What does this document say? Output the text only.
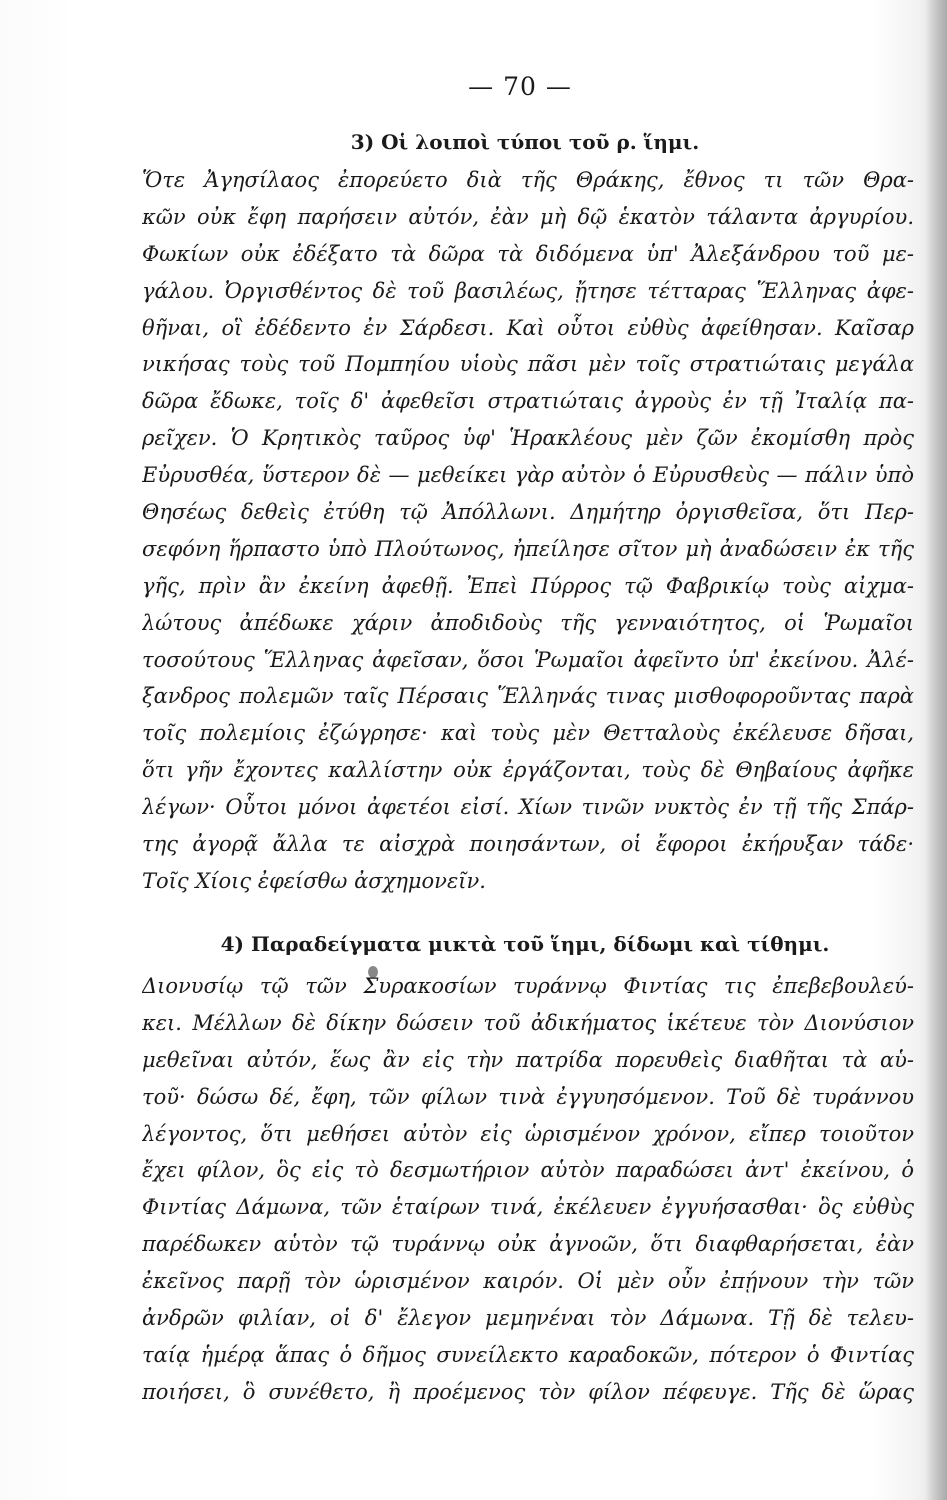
— 70 —
3) Οἱ λοιποὶ τύποι τοῦ ρ. ἵημι.
Ὅτε Ἀγησίλαος ἐπορεύετο διὰ τῆς Θράκης, ἔθνος τι τῶν Θρα-
κῶν οὐκ ἔφη παρήσειν αὐτόν, ἐὰν μὴ δῷ ἑκατὸν τάλαντα ἀργυρίου.
Φωκίων οὐκ ἐδέξατο τὰ δῶρα τὰ διδόμενα ὑπ' Ἀλεξάνδρου τοῦ με-
γάλου. Ὀργισθέντος δὲ τοῦ βασιλέως, ᾔτησε τέτταρας Ἕλληνας ἀφε-
θῆναι, οἳ ἐδέδεντο ἐν Σάρδεσι. Καὶ οὗτοι εὐθὺς ἀφείθησαν. Καῖσαρ
νικήσας τοὺς τοῦ Πομπηίου υἱοὺς πᾶσι μὲν τοῖς στρατιώταις μεγάλα
δῶρα ἔδωκε, τοῖς δ' ἀφεθεῖσι στρατιώταις ἀγροὺς ἐν τῇ Ἰταλίᾳ πα-
ρεῖχεν. Ὁ Κρητικὸς ταῦρος ὑφ' Ἡρακλέους μὲν ζῶν ἐκομίσθη πρὸς
Εὐρυσθέα, ὕστερον δὲ — μεθείκει γὰρ αὐτὸν ὁ Εὐρυσθεὺς — πάλιν ὑπὸ
Θησέως δεθεὶς ἐτύθη τῷ Ἀπόλλωνι. Δημήτηρ ὀργισθεῖσα, ὅτι Περ-
σεφόνη ἥρπαστο ὑπὸ Πλούτωνος, ἠπείλησε σῖτον μὴ ἀναδώσειν ἐκ τῆς
γῆς, πρὶν ἂν ἐκείνη ἀφεθῇ. Ἐπεὶ Πύρρος τῷ Φαβρικίῳ τοὺς αἰχμα-
λώτους ἀπέδωκε χάριν ἀποδιδοὺς τῆς γενναιότητος, οἱ Ῥωμαῖοι
τοσούτους Ἕλληνας ἀφεῖσαν, ὅσοι Ῥωμαῖοι ἀφεῖντο ὑπ' ἐκείνου. Ἀλέ-
ξανδρος πολεμῶν ταῖς Πέρσαις Ἕλληνάς τινας μισθοφοροῦντας παρὰ
τοῖς πολεμίοις ἐζώγρησε· καὶ τοὺς μὲν Θετταλοὺς ἐκέλευσε δῆσαι,
ὅτι γῆν ἔχοντες καλλίστην οὐκ ἐργάζονται, τοὺς δὲ Θηβαίους ἀφῆκε
λέγων· Οὗτοι μόνοι ἀφετέοι εἰσί. Χίων τινῶν νυκτὸς ἐν τῇ τῆς Σπάρ-
της ἀγορᾷ ἄλλα τε αἰσχρὰ ποιησάντων, οἱ ἔφοροι ἐκήρυξαν τάδε·
Τοῖς Χίοις ἐφείσθω ἀσχημονεῖν.
4) Παραδείγματα μικτὰ τοῦ ἵημι, δίδωμι καὶ τίθημι.
Διονυσίῳ τῷ τῶν Συρακοσίων τυράννῳ Φιντίας τις ἐπεβεβουλεύ-
κει. Μέλλων δὲ δίκην δώσειν τοῦ ἀδικήματος ἱκέτευε τὸν Διονύσιον
μεθεῖναι αὐτόν, ἕως ἂν εἰς τὴν πατρίδα πορευθεὶς διαθῆται τὰ αὑ-
τοῦ· δώσω δέ, ἔφη, τῶν φίλων τινὰ ἐγγυησόμενον. Τοῦ δὲ τυράννου
λέγοντος, ὅτι μεθήσει αὐτὸν εἰς ὡρισμένον χρόνον, εἴπερ τοιοῦτον
ἔχει φίλον, ὃς εἰς τὸ δεσμωτήριον αὑτὸν παραδώσει ἀντ' ἐκείνου, ὁ
Φιντίας Δάμωνα, τῶν ἑταίρων τινά, ἐκέλευεν ἐγγυήσασθαι· ὃς εὐθὺς
παρέδωκεν αὑτὸν τῷ τυράννῳ οὐκ ἀγνοῶν, ὅτι διαφθαρήσεται, ἐὰν
ἐκεῖνος παρῇ τὸν ὡρισμένον καιρόν. Οἱ μὲν οὖν ἐπῄνουν τὴν τῶν
ἀνδρῶν φιλίαν, οἱ δ' ἔλεγον μεμηνέναι τὸν Δάμωνα. Τῇ δὲ τελευ-
ταίᾳ ἡμέρᾳ ἅπας ὁ δῆμος συνείλεκτο καραδοκῶν, πότερον ὁ Φιντίας
ποιήσει, ὃ συνέθετο, ἢ προέμενος τὸν φίλον πέφευγε. Τῆς δὲ ὥρας
